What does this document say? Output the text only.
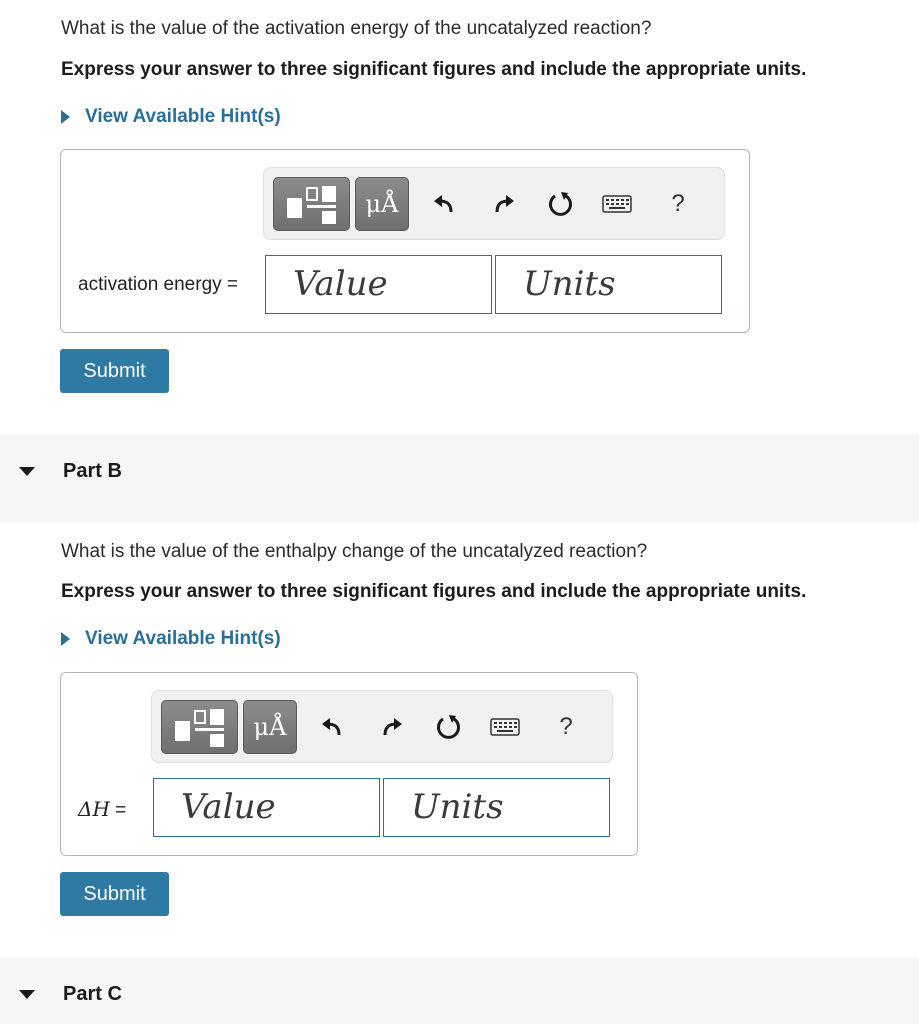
What is the value of the activation energy of the uncatalyzed reaction?
Express your answer to three significant figures and include the appropriate units.
View Available Hint(s)
μÅ	?
activation energy =	Value	Units
Submit
Part B
What is the value of the enthalpy change of the uncatalyzed reaction?
Express your answer to three significant figures and include the appropriate units.
View Available Hint(s)
μÅ	?
ΔH =	Value	Units
Submit
Part C
